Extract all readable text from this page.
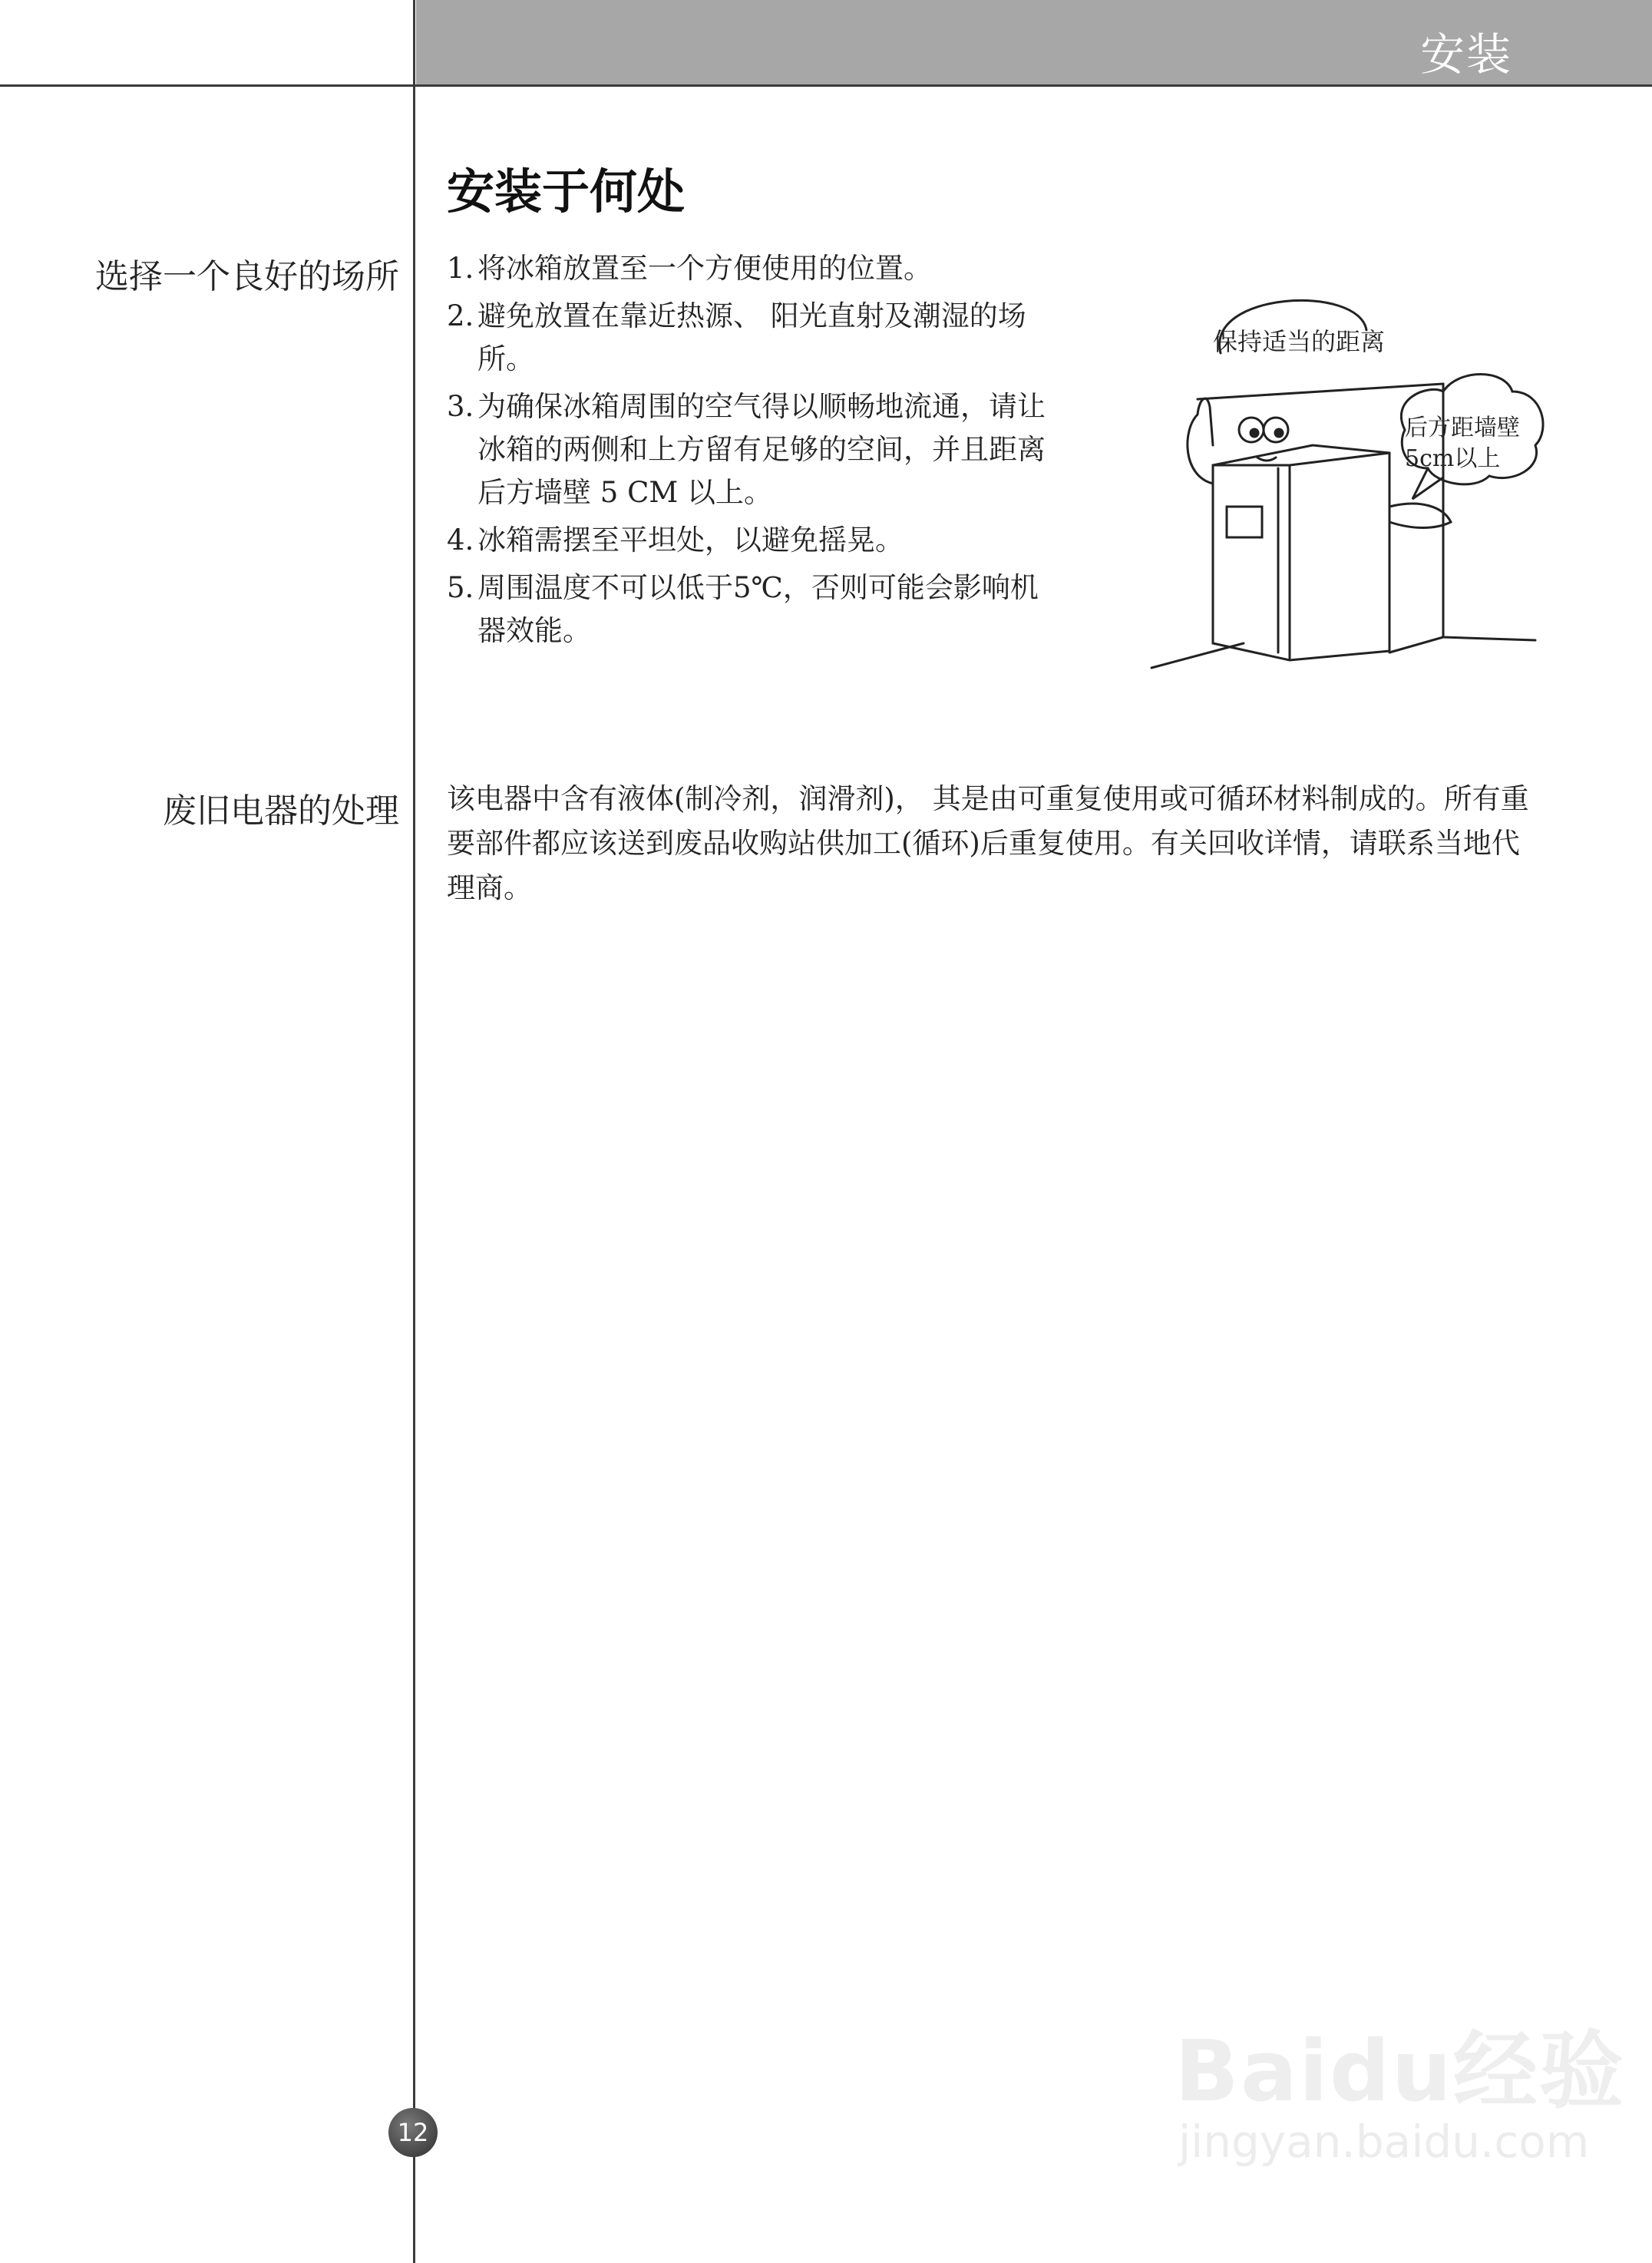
安装
安装于何处
选择一个良好的场所 1. 将冰箱放置至一个方便使用的位置。
2. 避免放置在靠近热源、 阳光直射及潮湿的场所。
3. 为确保冰箱周围的空气得以顺畅地流通，请让冰箱的两侧和上方留有足够的空间，并且距离后方墙壁 5 CM 以上。
4. 冰箱需摆至平坦处，以避免摇晃。
5. 周围温度不可以低于5℃，否则可能会影响机器效能。
保持适当的距离
后方距墙壁5cm以上
废旧电器的处理 该电器中含有液体(制冷剂，润滑剂)， 其是由可重复使用或可循环材料制成的。所有重要部件都应该送到废品收购站供加工(循环)后重复使用。有关回收详情，请联系当地代理商。
12
Baidu经验
jingyan.baidu.com
